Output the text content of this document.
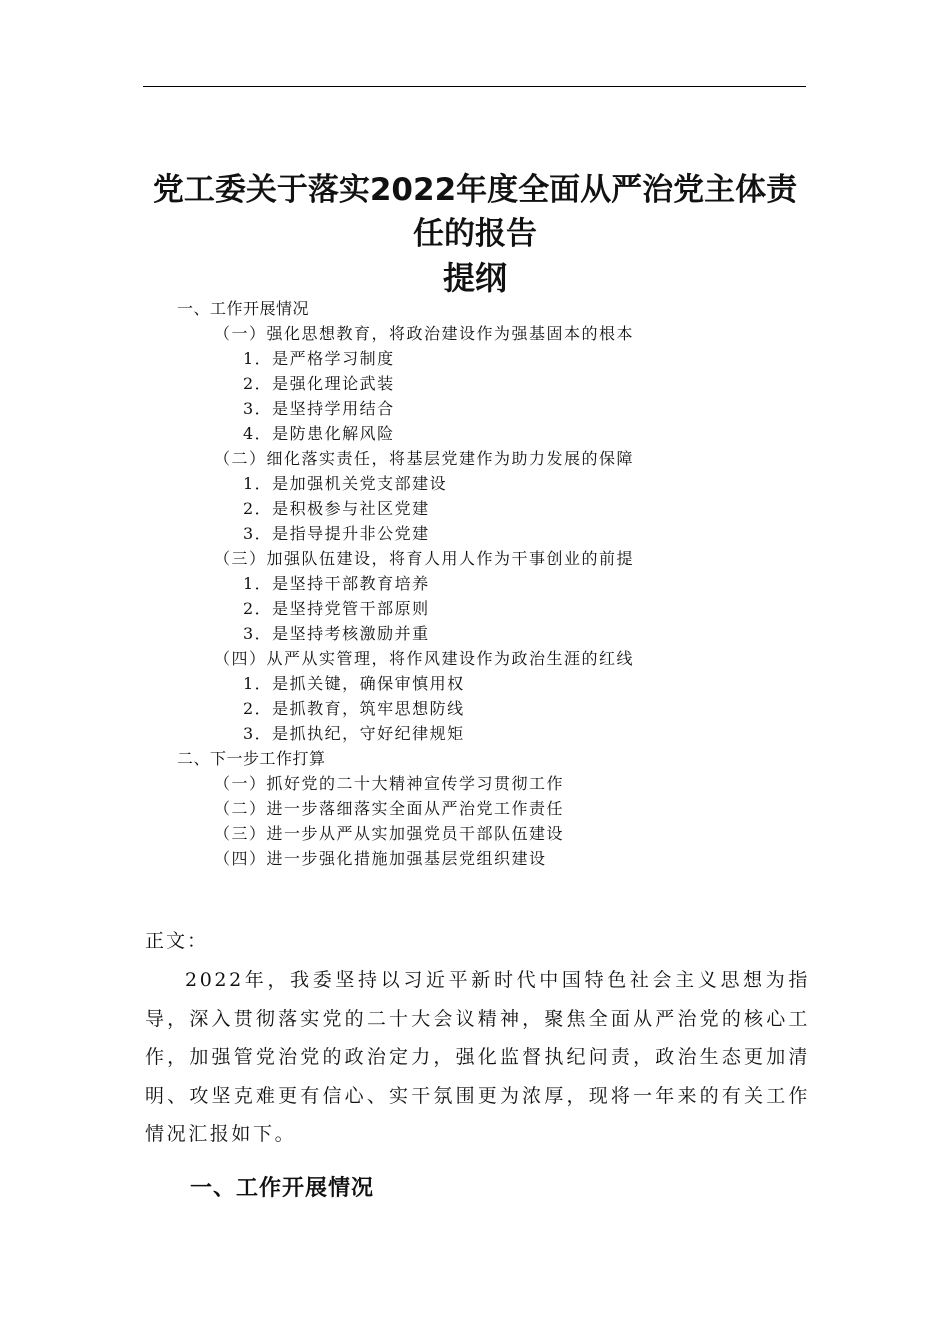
党工委关于落实2022年度全面从严治党主体责
任的报告
提纲
一、工作开展情况
（一）强化思想教育，将政治建设作为强基固本的根本
1．是严格学习制度
2．是强化理论武装
3．是坚持学用结合
4．是防患化解风险
（二）细化落实责任，将基层党建作为助力发展的保障
1．是加强机关党支部建设
2．是积极参与社区党建
3．是指导提升非公党建
（三）加强队伍建设，将育人用人作为干事创业的前提
1．是坚持干部教育培养
2．是坚持党管干部原则
3．是坚持考核激励并重
（四）从严从实管理，将作风建设作为政治生涯的红线
1．是抓关键，确保审慎用权
2．是抓教育，筑牢思想防线
3．是抓执纪，守好纪律规矩
二、下一步工作打算
（一）抓好党的二十大精神宣传学习贯彻工作
（二）进一步落细落实全面从严治党工作责任
（三）进一步从严从实加强党员干部队伍建设
（四）进一步强化措施加强基层党组织建设
正文：
2022年，我委坚持以习近平新时代中国特色社会主义思想为指导，深入贯彻落实党的二十大会议精神，聚焦全面从严治党的核心工作，加强管党治党的政治定力，强化监督执纪问责，政治生态更加清明、攻坚克难更有信心、实干氛围更为浓厚，现将一年来的有关工作情况汇报如下。
一、工作开展情况
